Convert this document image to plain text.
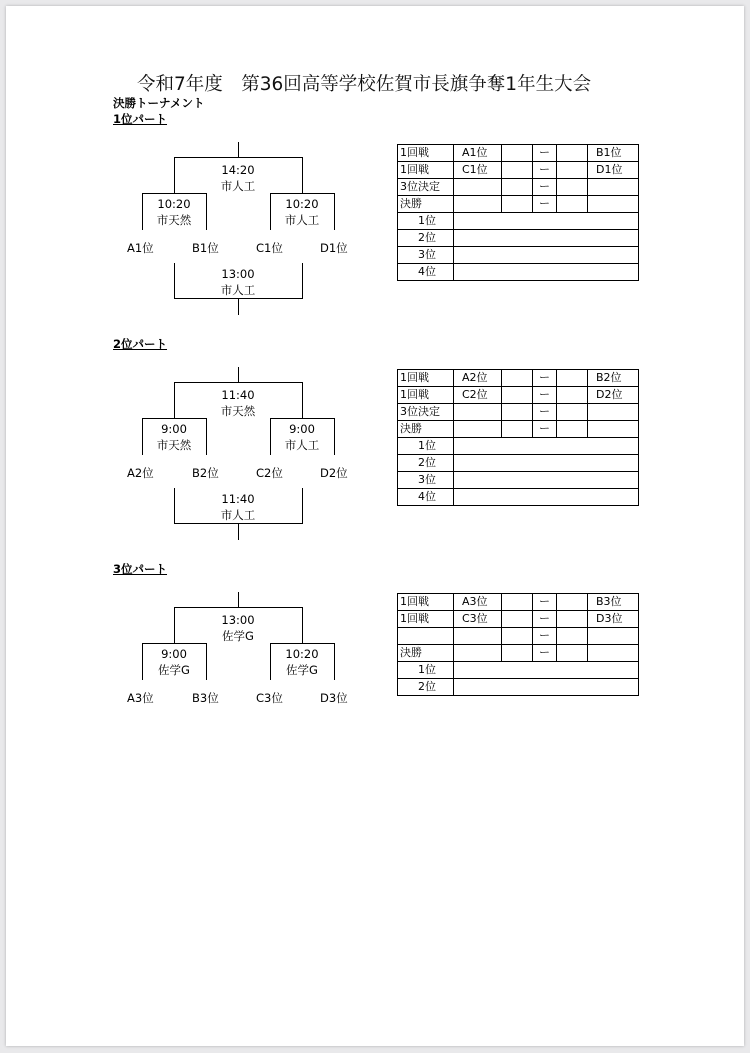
令和7年度　第36回高等学校佐賀市長旗争奪1年生大会
決勝トーナメント
1位パート
14:20
市人工
10:20
市天然
10:20
市人工
A1位	B1位	C1位	D1位
13:00
市人工
1回戦	A1位		ー		B1位
1回戦	C1位		ー		D1位
3位決定			ー		
決勝			ー		
1位					
2位					
3位					
4位					
2位パート
11:40
市天然
9:00
市天然
9:00
市人工
A2位	B2位	C2位	D2位
11:40
市人工
1回戦	A2位		ー		B2位
1回戦	C2位		ー		D2位
3位決定			ー		
決勝			ー		
1位					
2位					
3位					
4位					
3位パート
13:00
佐学G
9:00
佐学G
10:20
佐学G
A3位	B3位	C3位	D3位
1回戦	A3位		ー		B3位
1回戦	C3位		ー		D3位
			ー		
決勝			ー		
1位					
2位					
